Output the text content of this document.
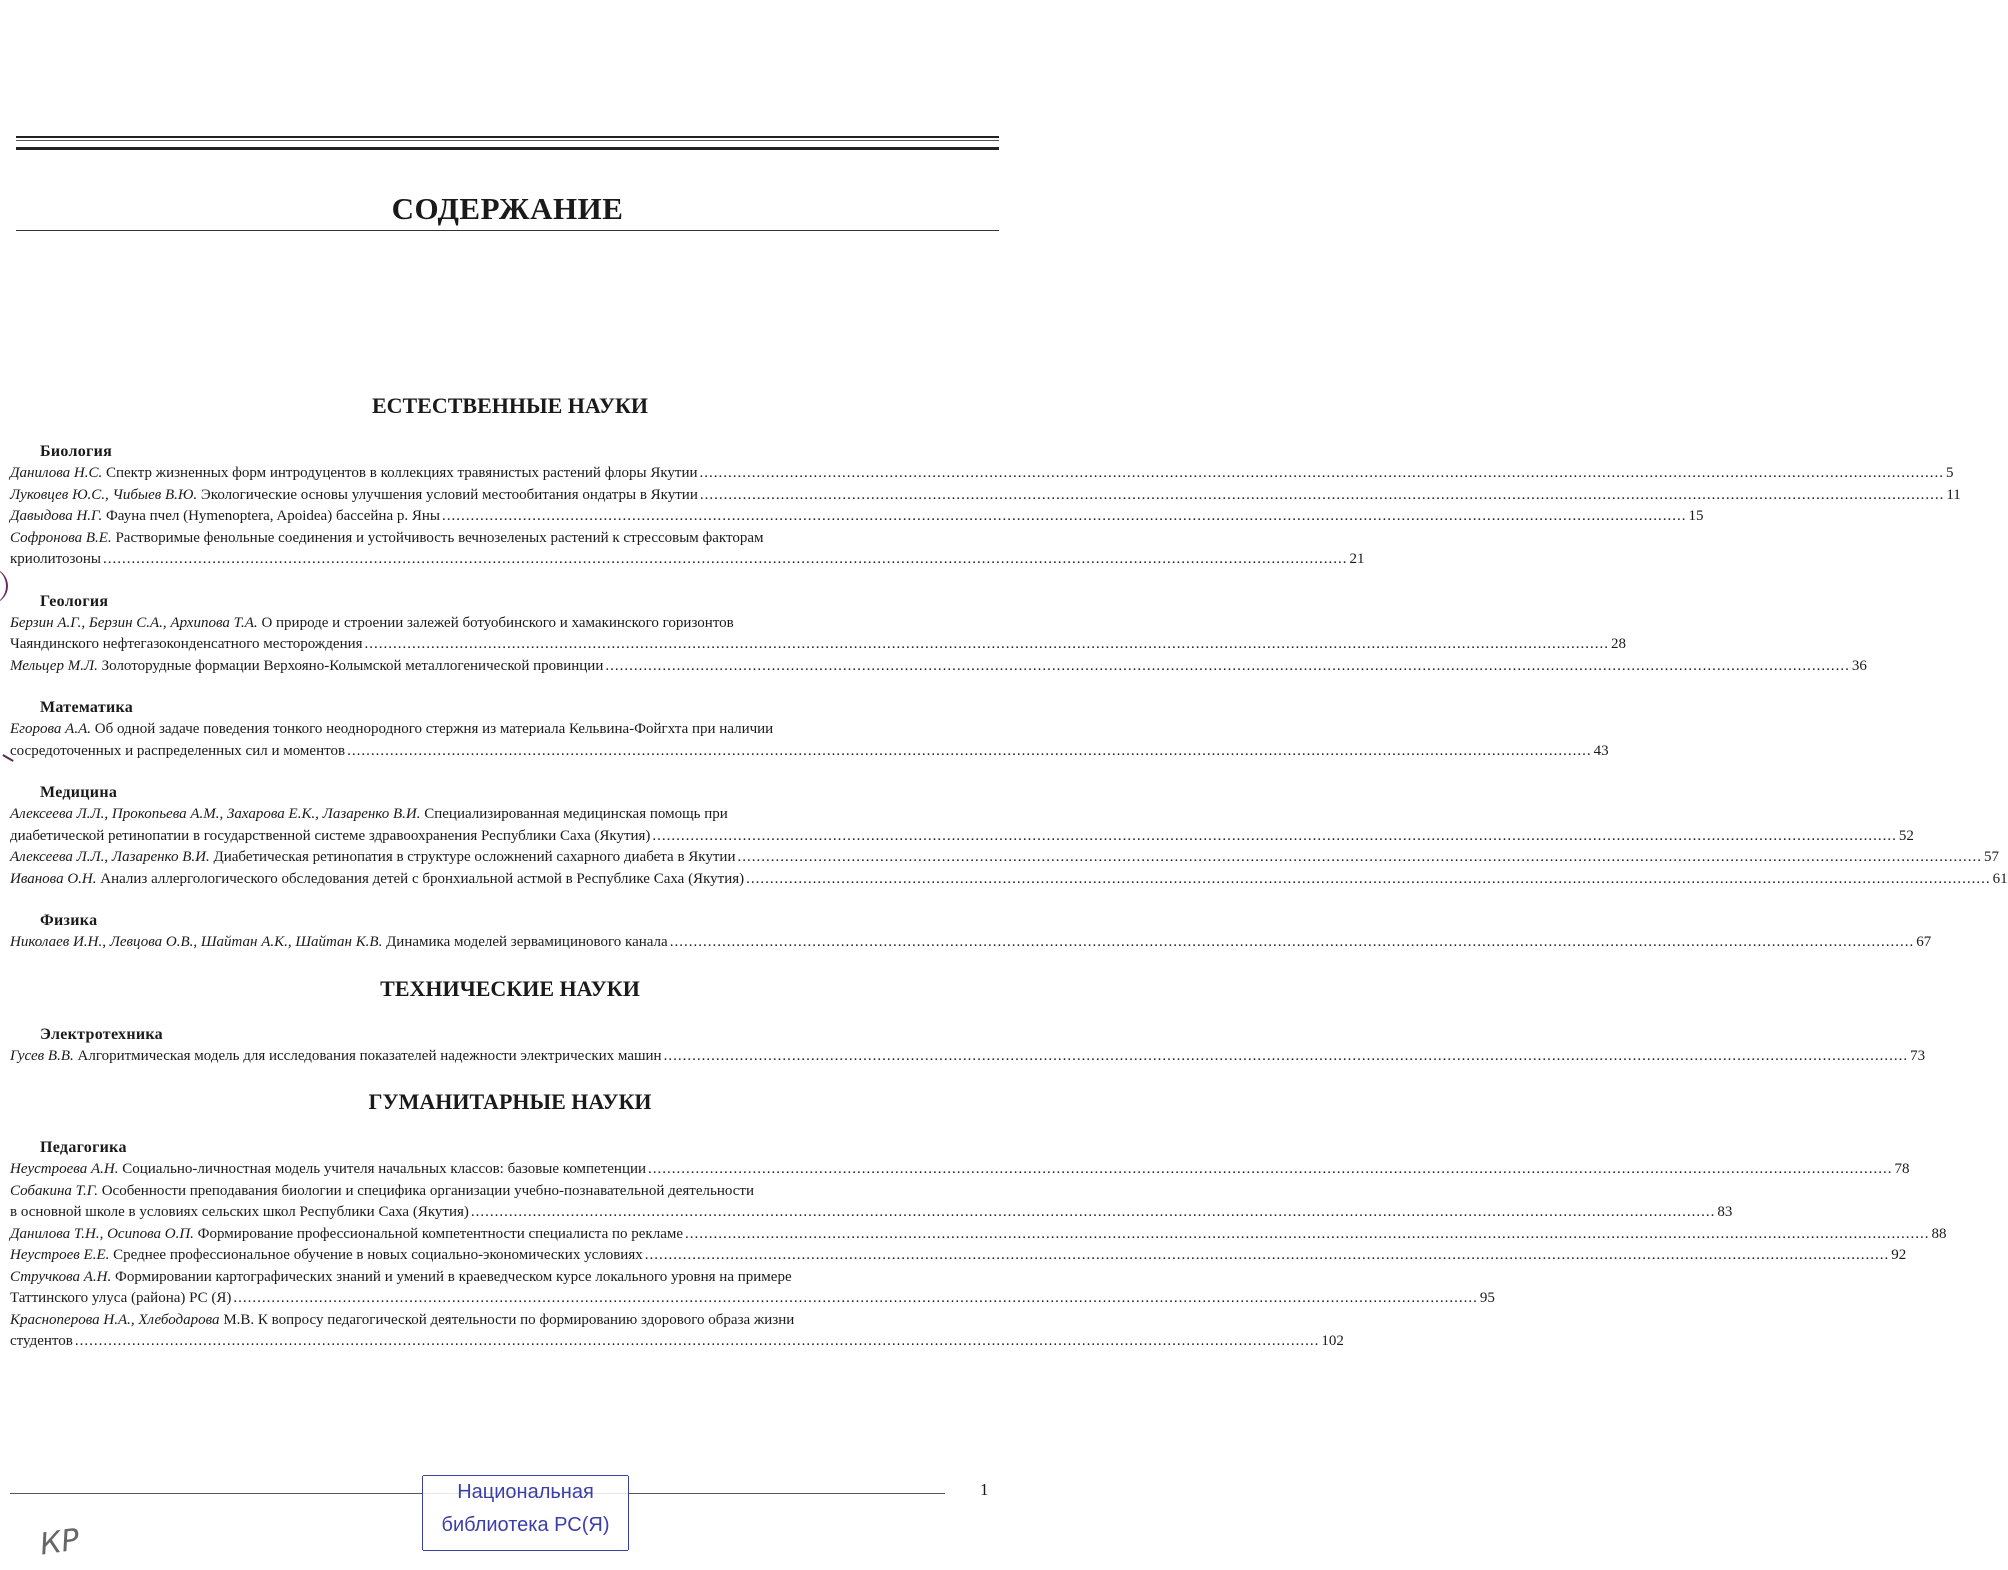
СОДЕРЖАНИЕ
ЕСТЕСТВЕННЫЕ НАУКИ
Биология
Данилова Н.С. Спектр жизненных форм интродуцентов в коллекциях травянистых растений флоры Якутии .....	5
Луковцев Ю.С., Чибыев В.Ю. Экологические основы улучшения условий местообитания ондатры в Якутии .....	11
Давыдова Н.Г. Фауна пчел (Hymenoptera, Apoidea) бассейна р. Яны .....	15
Софронова В.Е. Растворимые фенольные соединения и устойчивость вечнозеленых растений к стрессовым факторам
криолитозоны .....	21
Геология
Берзин А.Г., Берзин С.А., Архипова Т.А. О природе и строении залежей ботуобинского и хамакинского горизонтов
Чаяндинского нефтегазоконденсатного месторождения .....	28
Мельцер М.Л. Золоторудные формации Верхояно-Колымской металлогенической провинции .....	36
Математика
Егорова А.А. Об одной задаче поведения тонкого неоднородного стержня из материала Кельвина-Фойгхта при наличии
сосредоточенных и распределенных сил и моментов .....	43
Медицина
Алексеева Л.Л., Прокопьева А.М., Захарова Е.К., Лазаренко В.И. Специализированная медицинская помощь при
диабетической ретинопатии в государственной системе здравоохранения Республики Саха (Якутия) .....	52
Алексеева Л.Л., Лазаренко В.И. Диабетическая ретинопатия в структуре осложнений сахарного диабета в Якутии .....	57
Иванова О.Н. Анализ аллергологического обследования детей с бронхиальной астмой в Республике Саха (Якутия) .....	61
Физика
Николаев И.Н., Левцова О.В., Шайтан А.К., Шайтан К.В. Динамика моделей зервамицинового канала .....	67
ТЕХНИЧЕСКИЕ НАУКИ
Электротехника
Гусев В.В. Алгоритмическая модель для исследования показателей надежности электрических машин .....	73
ГУМАНИТАРНЫЕ НАУКИ
Педагогика
Неустроева А.Н. Социально-личностная модель учителя начальных классов: базовые компетенции .....	78
Собакина Т.Г. Особенности преподавания биологии и специфика организации учебно-познавательной деятельности
в основной школе в условиях сельских школ Республики Саха (Якутия) .....	83
Данилова Т.Н., Осипова О.П. Формирование профессиональной компетентности специалиста по рекламе .....	88
Неустроев Е.Е. Среднее профессиональное обучение в новых социально-экономических условиях .....	92
Стручкова А.Н. Формировании картографических знаний и умений в краеведческом курсе локального уровня на примере
Таттинского улуса (района) РС (Я) .....	95
Красноперова Н.А., Хлебодарова М.В. К вопросу педагогической деятельности по формированию здорового образа жизни
студентов .....	102
1
Национальная
библиотека РС(Я)
КР
